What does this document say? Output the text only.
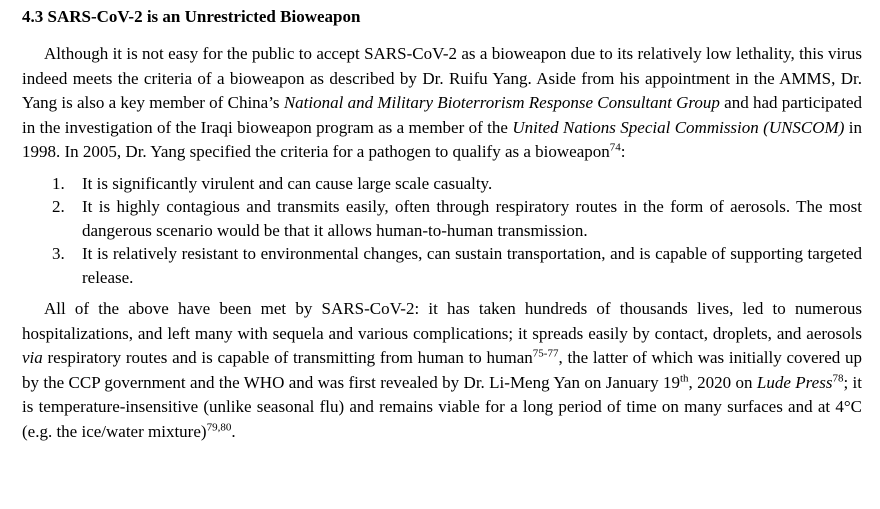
4.3 SARS-CoV-2 is an Unrestricted Bioweapon

Although it is not easy for the public to accept SARS-CoV-2 as a bioweapon due to its relatively low lethality, this virus indeed meets the criteria of a bioweapon as described by Dr. Ruifu Yang. Aside from his appointment in the AMMS, Dr. Yang is also a key member of China’s National and Military Bioterrorism Response Consultant Group and had participated in the investigation of the Iraqi bioweapon program as a member of the United Nations Special Commission (UNSCOM) in 1998. In 2005, Dr. Yang specified the criteria for a pathogen to qualify as a bioweapon$^{74}$:

1. It is significantly virulent and can cause large scale casualty.
2. It is highly contagious and transmits easily, often through respiratory routes in the form of aerosols. The most dangerous scenario would be that it allows human-to-human transmission.
3. It is relatively resistant to environmental changes, can sustain transportation, and is capable of supporting targeted release.

All of the above have been met by SARS-CoV-2: it has taken hundreds of thousands lives, led to numerous hospitalizations, and left many with sequela and various complications; it spreads easily by contact, droplets, and aerosols via respiratory routes and is capable of transmitting from human to human$^{75-77}$, the latter of which was initially covered up by the CCP government and the WHO and was first revealed by Dr. Li-Meng Yan on January 19th, 2020 on Lude Press$^{78}$; it is temperature-insensitive (unlike seasonal flu) and remains viable for a long period of time on many surfaces and at 4°C (e.g. the ice/water mixture)$^{79,80}$.
